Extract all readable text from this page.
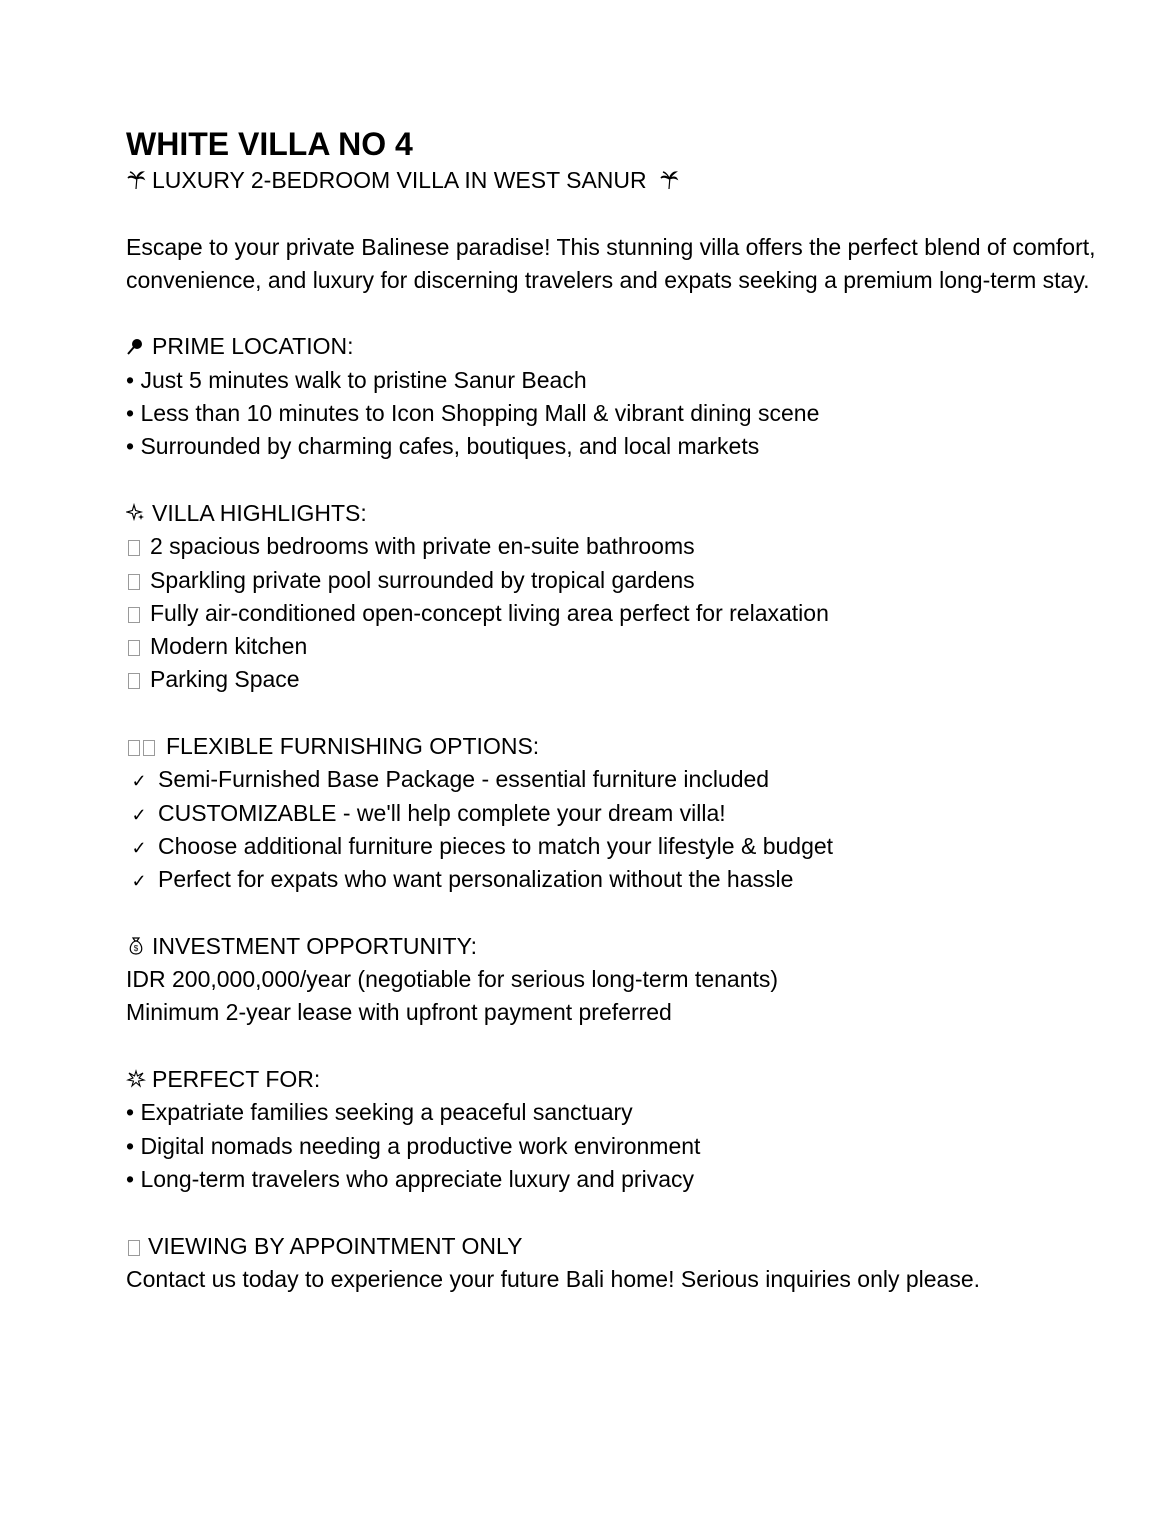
WHITE VILLA NO 4
LUXURY 2-BEDROOM VILLA IN WEST SANUR
Escape to your private Balinese paradise! This stunning villa offers the perfect blend of comfort, convenience, and luxury for discerning travelers and expats seeking a premium long-term stay.
PRIME LOCATION:
• Just 5 minutes walk to pristine Sanur Beach
• Less than 10 minutes to Icon Shopping Mall & vibrant dining scene
• Surrounded by charming cafes, boutiques, and local markets
VILLA HIGHLIGHTS:
2 spacious bedrooms with private en-suite bathrooms
Sparkling private pool surrounded by tropical gardens
Fully air-conditioned open-concept living area perfect for relaxation
Modern kitchen
Parking Space
FLEXIBLE FURNISHING OPTIONS:
✓ Semi-Furnished Base Package - essential furniture included
✓ CUSTOMIZABLE - we'll help complete your dream villa!
✓ Choose additional furniture pieces to match your lifestyle & budget
✓ Perfect for expats who want personalization without the hassle
$ INVESTMENT OPPORTUNITY:
IDR 200,000,000/year (negotiable for serious long-term tenants)
Minimum 2-year lease with upfront payment preferred
PERFECT FOR:
• Expatriate families seeking a peaceful sanctuary
• Digital nomads needing a productive work environment
• Long-term travelers who appreciate luxury and privacy
VIEWING BY APPOINTMENT ONLY
Contact us today to experience your future Bali home! Serious inquiries only please.
